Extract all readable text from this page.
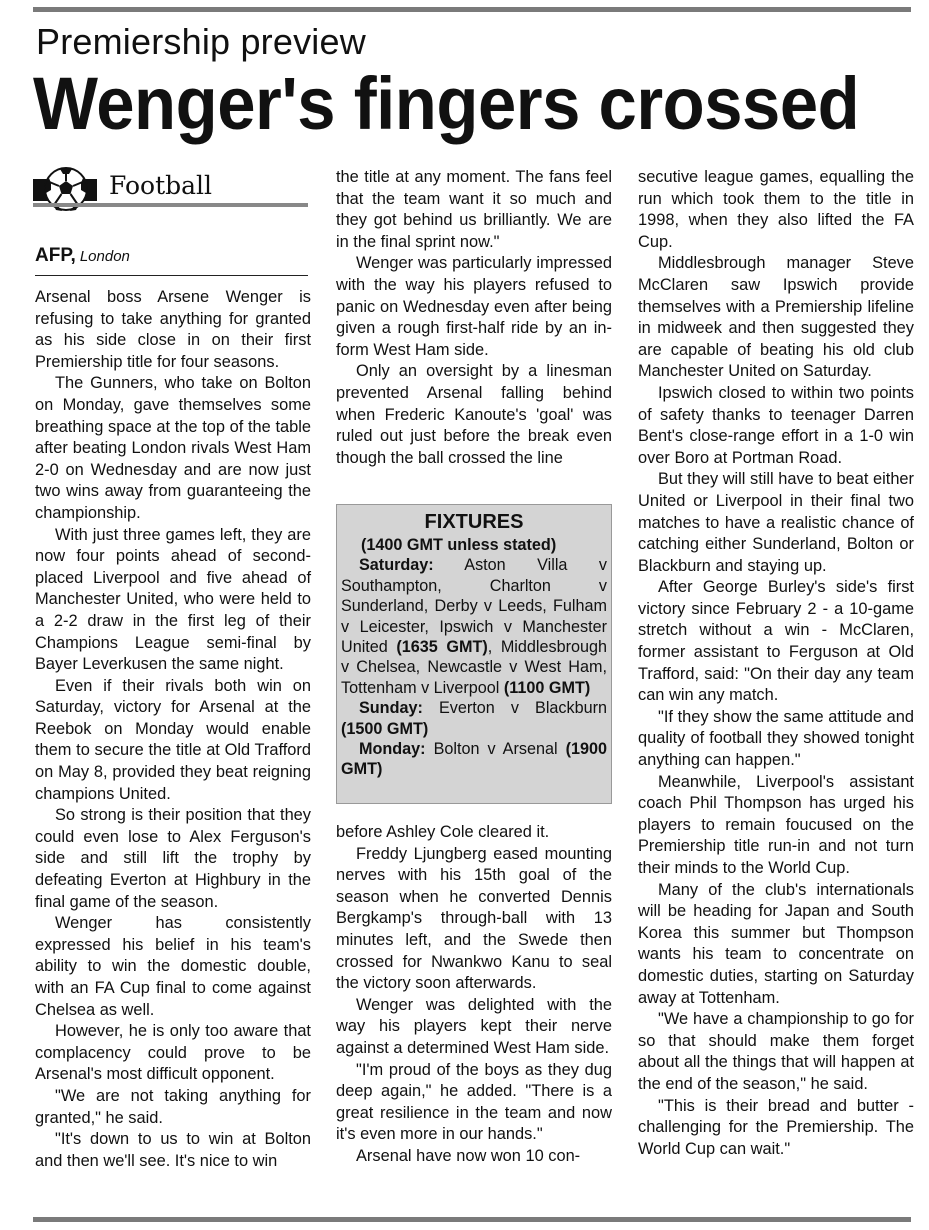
Premiership preview
Wenger's fingers crossed
Football
AFP, London

Arsenal boss Arsene Wenger is refusing to take anything for granted as his side close in on their first Premiership title for four seasons.

The Gunners, who take on Bolton on Monday, gave themselves some breathing space at the top of the table after beating London rivals West Ham 2-0 on Wednesday and are now just two wins away from guaranteeing the championship.

With just three games left, they are now four points ahead of second-placed Liverpool and five ahead of Manchester United, who were held to a 2-2 draw in the first leg of their Champions League semi-final by Bayer Leverkusen the same night.

Even if their rivals both win on Saturday, victory for Arsenal at the Reebok on Monday would enable them to secure the title at Old Trafford on May 8, provided they beat reigning champions United.

So strong is their position that they could even lose to Alex Ferguson's side and still lift the trophy by defeating Everton at Highbury in the final game of the season.

Wenger has consistently expressed his belief in his team's ability to win the domestic double, with an FA Cup final to come against Chelsea as well.

However, he is only too aware that complacency could prove to be Arsenal's most difficult opponent.

"We are not taking anything for granted," he said.

"It's down to us to win at Bolton and then we'll see. It's nice to win

the title at any moment. The fans feel that the team want it so much and they got behind us brilliantly. We are in the final sprint now."

Wenger was particularly impressed with the way his players refused to panic on Wednesday even after being given a rough first-half ride by an in-form West Ham side.

Only an oversight by a linesman prevented Arsenal falling behind when Frederic Kanoute's 'goal' was ruled out just before the break even though the ball crossed the line

FIXTURES
(1400 GMT unless stated)
Saturday: Aston Villa v Southampton, Charlton v Sunderland, Derby v Leeds, Fulham v Leicester, Ipswich v Manchester United (1635 GMT), Middlesbrough v Chelsea, Newcastle v West Ham, Tottenham v Liverpool (1100 GMT)
Sunday: Everton v Blackburn (1500 GMT)
Monday: Bolton v Arsenal (1900 GMT)

before Ashley Cole cleared it.

Freddy Ljungberg eased mounting nerves with his 15th goal of the season when he converted Dennis Bergkamp's through-ball with 13 minutes left, and the Swede then crossed for Nwankwo Kanu to seal the victory soon afterwards.

Wenger was delighted with the way his players kept their nerve against a determined West Ham side.

"I'm proud of the boys as they dug deep again," he added. "There is a great resilience in the team and now it's even more in our hands."

Arsenal have now won 10 con-

secutive league games, equalling the run which took them to the title in 1998, when they also lifted the FA Cup.

Middlesbrough manager Steve McClaren saw Ipswich provide themselves with a Premiership lifeline in midweek and then suggested they are capable of beating his old club Manchester United on Saturday.

Ipswich closed to within two points of safety thanks to teenager Darren Bent's close-range effort in a 1-0 win over Boro at Portman Road.

But they will still have to beat either United or Liverpool in their final two matches to have a realistic chance of catching either Sunderland, Bolton or Blackburn and staying up.

After George Burley's side's first victory since February 2 - a 10-game stretch without a win - McClaren, former assistant to Ferguson at Old Trafford, said: "On their day any team can win any match.

"If they show the same attitude and quality of football they showed tonight anything can happen."

Meanwhile, Liverpool's assistant coach Phil Thompson has urged his players to remain foucused on the Premiership title run-in and not turn their minds to the World Cup.

Many of the club's internationals will be heading for Japan and South Korea this summer but Thompson wants his team to concentrate on domestic duties, starting on Saturday away at Tottenham.

"We have a championship to go for so that should make them forget about all the things that will happen at the end of the season," he said.

"This is their bread and butter - challenging for the Premiership. The World Cup can wait."
